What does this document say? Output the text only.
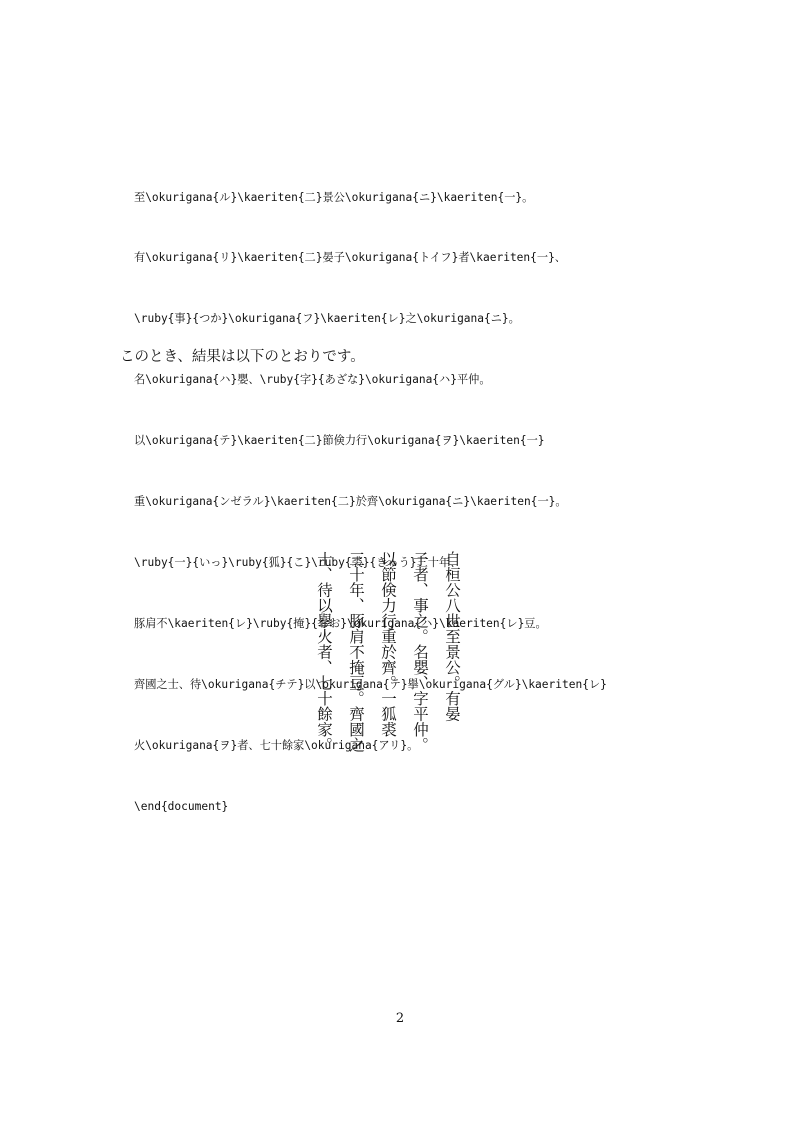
至\okurigana{ル}\kaeriten{二}景公\okurigana{ニ}\kaeriten{一}。

有\okurigana{リ}\kaeriten{二}晏子\okurigana{トイフ}者\kaeriten{一}、

\ruby{事}{つか}\okurigana{フ}\kaeriten{レ}之\okurigana{ニ}。

名\okurigana{ハ}嬰、\ruby{字}{あざな}\okurigana{ハ}平仲。

以\okurigana{テ}\kaeriten{二}節倹力行\okurigana{ヲ}\kaeriten{一}

重\okurigana{ンゼラル}\kaeriten{二}於齊\okurigana{ニ}\kaeriten{一}。

\ruby{一}{いっ}\ruby{狐}{こ}\ruby{裘}{きゅう}三十年、

豚肩不\kaeriten{レ}\ruby{掩}{おお}\okurigana{ハ}\kaeriten{レ}豆。

齊國之士、待\okurigana{チテ}以\okurigana{テ}擧\okurigana{グル}\kaeriten{レ}

火\okurigana{ヲ}者、七十餘家\okurigana{アリ}。

\end{document}

このとき、結果は以下のとおりです。
自桓公八世至景公。有晏
子者、事之。名嬰、字平仲。
以節倹力行重於齊。一狐裘
三十年、豚肩不掩豆。齊國之
士、待以擧火者、七十餘家。
2
